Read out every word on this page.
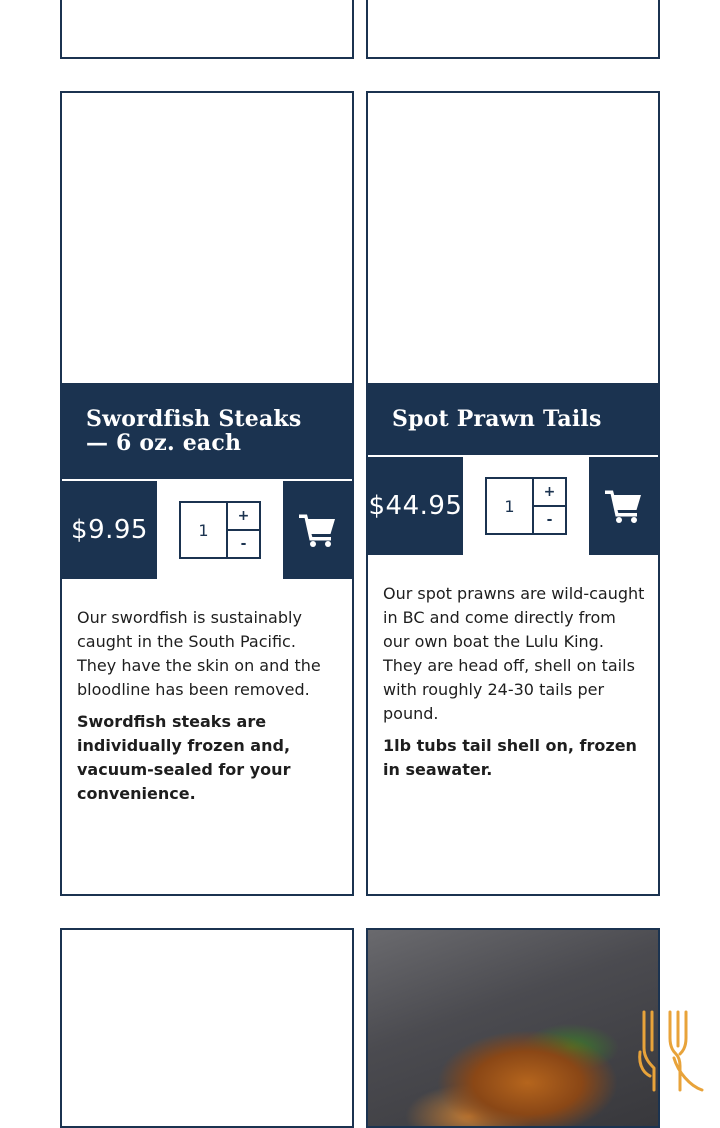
Swordfish Steaks — 6 oz. each
$9.95
1	+
-

Our swordfish is sustainably caught in the South Pacific. They have the skin on and the bloodline has been removed.

Swordfish steaks are individually frozen and, vacuum-sealed for your convenience.

Spot Prawn Tails
$44.95
1	+
-

Our spot prawns are wild-caught in BC and come directly from our own boat the Lulu King. They are head off, shell on tails with roughly 24-30 tails per pound.

1lb tubs tail shell on, frozen in seawater.
